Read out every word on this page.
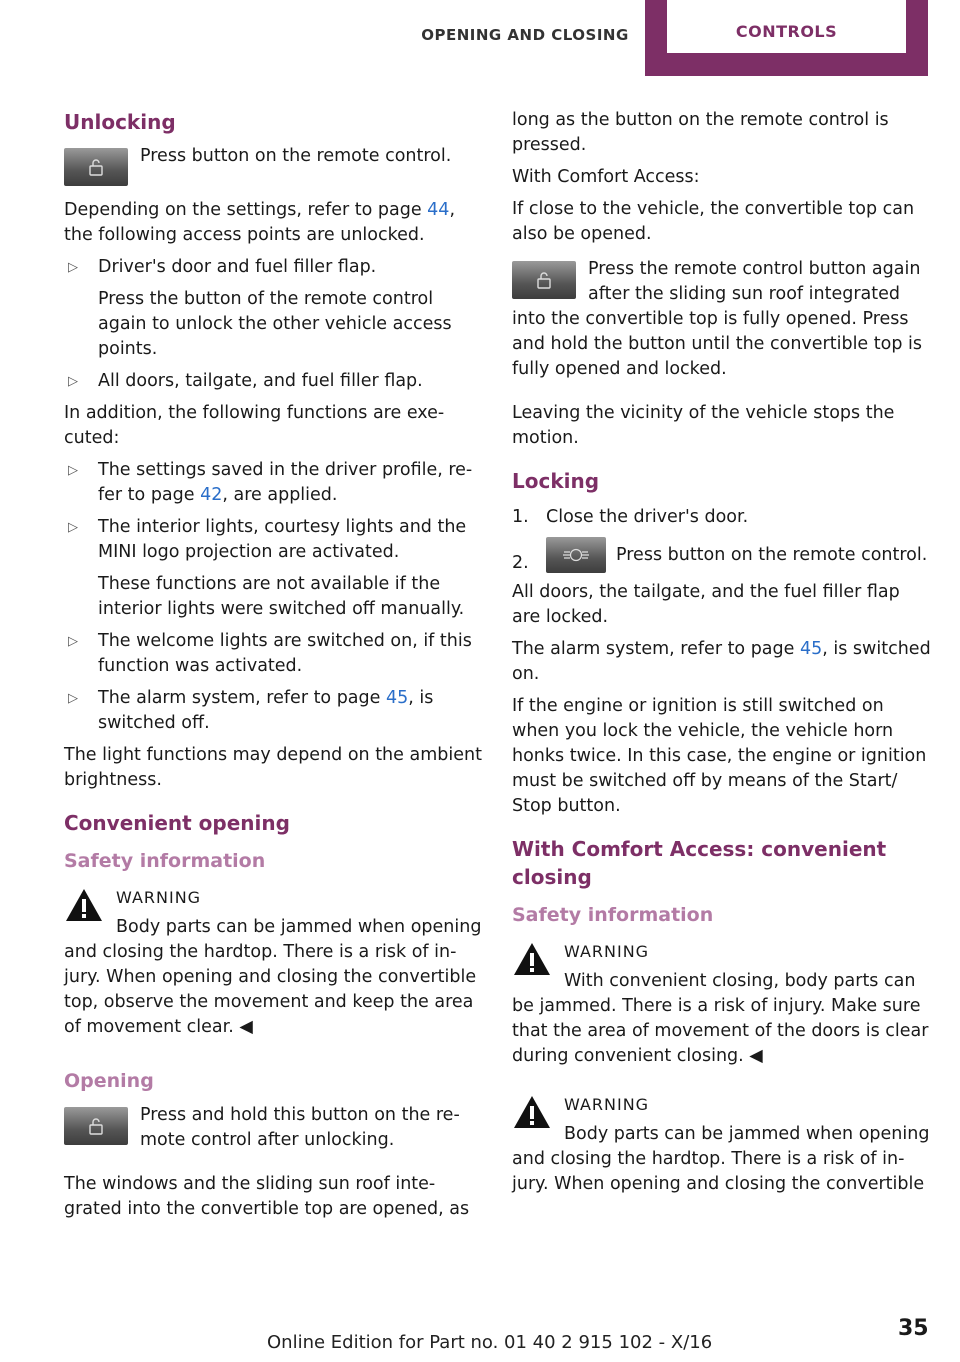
OPENING AND CLOSING	CONTROLS
Unlocking

Press button on the remote control.

Depending on the settings, refer to page 44, the following access points are unlocked.

▷ Driver's door and fuel filler flap.
Press the button of the remote control again to unlock the other vehicle access points.
▷ All doors, tailgate, and fuel filler flap.

In addition, the following functions are executed:

▷ The settings saved in the driver profile, refer to page 42, are applied.
▷ The interior lights, courtesy lights and the MINI logo projection are activated.
These functions are not available if the interior lights were switched off manually.
▷ The welcome lights are switched on, if this function was activated.
▷ The alarm system, refer to page 45, is switched off.

The light functions may depend on the ambient brightness.

Convenient opening
Safety information
WARNING

Body parts can be jammed when opening and closing the hardtop. There is a risk of injury. When opening and closing the convertible top, observe the movement and keep the area of movement clear. ◀

Opening

Press and hold this button on the remote control after unlocking.

The windows and the sliding sun roof integrated into the convertible top are opened, as

long as the button on the remote control is pressed.

With Comfort Access:

If close to the vehicle, the convertible top can also be opened.

Press the remote control button again after the sliding sun roof integrated into the convertible top is fully opened. Press and hold the button until the convertible top is fully opened and locked.

Leaving the vicinity of the vehicle stops the motion.

Locking
1. Close the driver's door.
2.	Press button on the remote control.

All doors, the tailgate, and the fuel filler flap are locked.

The alarm system, refer to page 45, is switched on.

If the engine or ignition is still switched on when you lock the vehicle, the vehicle horn honks twice. In this case, the engine or ignition must be switched off by means of the Start/ Stop button.

With Comfort Access: convenient closing
Safety information
WARNING

With convenient closing, body parts can be jammed. There is a risk of injury. Make sure that the area of movement of the doors is clear during convenient closing. ◀

WARNING

Body parts can be jammed when opening and closing the hardtop. There is a risk of injury. When opening and closing the convertible

Online Edition for Part no. 01 40 2 915 102 - X/16
35
